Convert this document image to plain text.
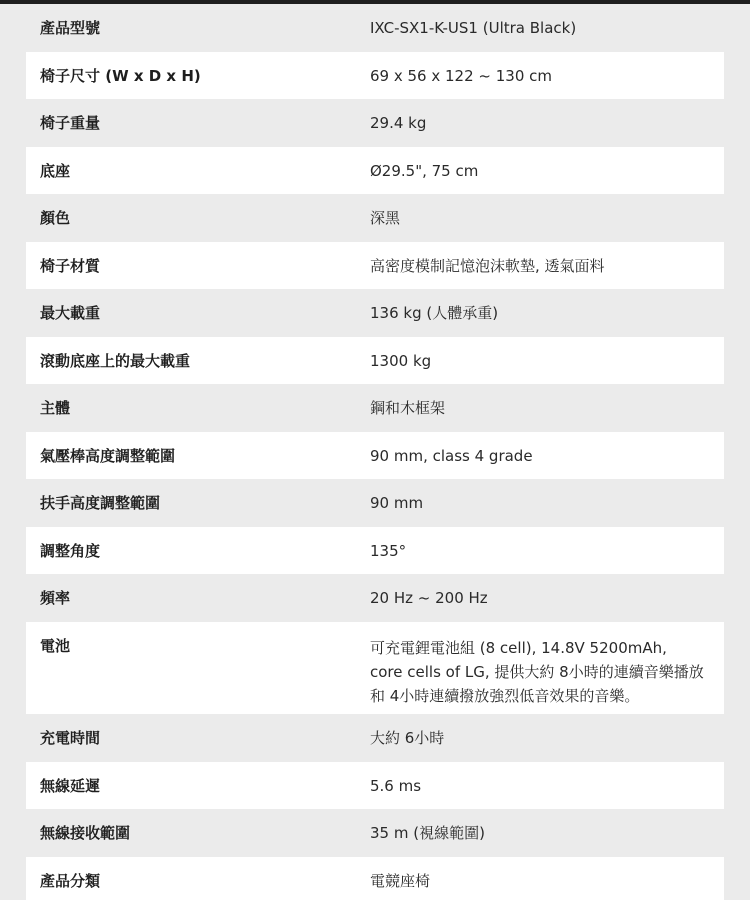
產品型號	IXC-SX1-K-US1 (Ultra Black)
椅子尺寸 (W x D x H)	69 x 56 x 122 ~ 130 cm
椅子重量	29.4 kg
底座	Ø29.5", 75 cm
顏色	深黑
椅子材質	高密度模制記憶泡沫軟墊, 透氣面料
最大載重	136 kg (人體承重)
滾動底座上的最大載重	1300 kg
主體	鋼和木框架
氣壓棒高度調整範圍	90 mm, class 4 grade
扶手高度調整範圍	90 mm
調整角度	135°
頻率	20 Hz ~ 200 Hz
電池	可充電鋰電池組 (8 cell), 14.8V 5200mAh, core cells of LG, 提供大約 8小時的連續音樂播放和 4小時連續撥放強烈低音效果的音樂。
充電時間	大約 6小時
無線延遲	5.6 ms
無線接收範圍	35 m (視線範圍)
產品分類	電競座椅
